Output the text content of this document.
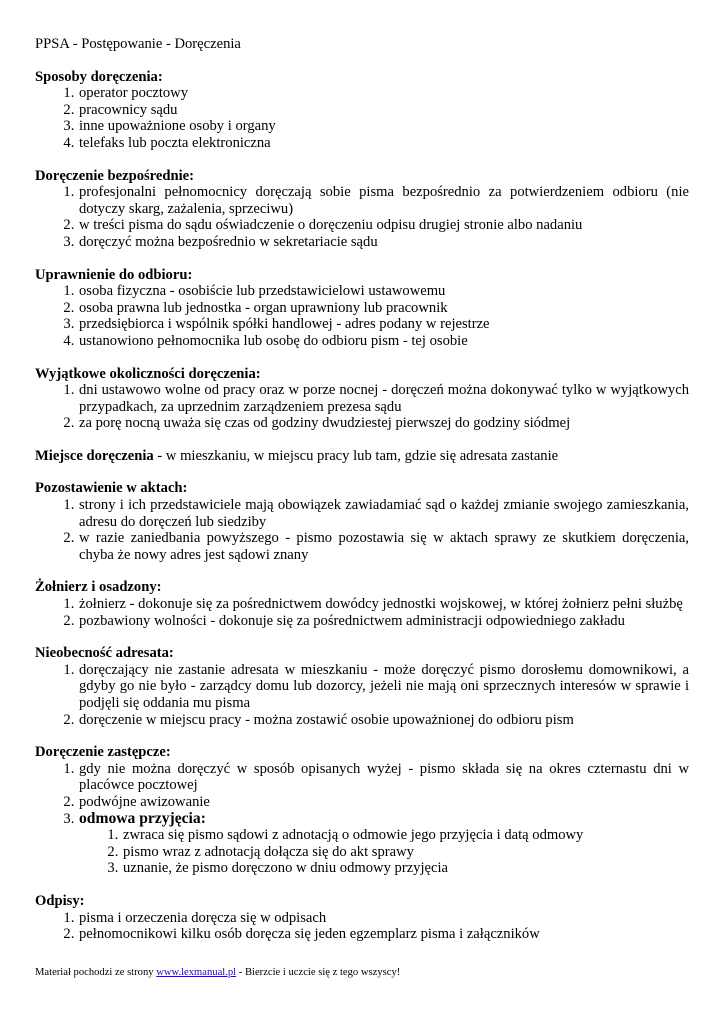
PPSA - Postępowanie - Doręczenia
Sposoby doręczenia:
1. operator pocztowy
2. pracownicy sądu
3. inne upoważnione osoby i organy
4. telefaks lub poczta elektroniczna
Doręczenie bezpośrednie:
1. profesjonalni pełnomocnicy doręczają sobie pisma bezpośrednio za potwierdzeniem odbioru (nie dotyczy skarg, zażalenia, sprzeciwu)
2. w treści pisma do sądu oświadczenie o doręczeniu odpisu drugiej stronie albo nadaniu
3. doręczyć można bezpośrednio w sekretariacie sądu
Uprawnienie do odbioru:
1. osoba fizyczna - osobiście lub przedstawicielowi ustawowemu
2. osoba prawna lub jednostka - organ uprawniony lub pracownik
3. przedsiębiorca i wspólnik spółki handlowej - adres podany w rejestrze
4. ustanowiono pełnomocnika lub osobę do odbioru pism - tej osobie
Wyjątkowe okoliczności doręczenia:
1. dni ustawowo wolne od pracy oraz w porze nocnej - doręczeń można dokonywać tylko w wyjątkowych przypadkach, za uprzednim zarządzeniem prezesa sądu
2. za porę nocną uważa się czas od godziny dwudziestej pierwszej do godziny siódmej
Miejsce doręczenia - w mieszkaniu, w miejscu pracy lub tam, gdzie się adresata zastanie
Pozostawienie w aktach:
1. strony i ich przedstawiciele mają obowiązek zawiadamiać sąd o każdej zmianie swojego zamieszkania, adresu do doręczeń lub siedziby
2. w razie zaniedbania powyższego - pismo pozostawia się w aktach sprawy ze skutkiem doręczenia, chyba że nowy adres jest sądowi znany
Żołnierz i osadzony:
1. żołnierz - dokonuje się za pośrednictwem dowódcy jednostki wojskowej, w której żołnierz pełni służbę
2. pozbawiony wolności - dokonuje się za pośrednictwem administracji odpowiedniego zakładu
Nieobecność adresata:
1. doręczający nie zastanie adresata w mieszkaniu - może doręczyć pismo dorosłemu domownikowi, a gdyby go nie było - zarządcy domu lub dozorcy, jeżeli nie mają oni sprzecznych interesów w sprawie i podjęli się oddania mu pisma
2. doręczenie w miejscu pracy - można zostawić osobie upoważnionej do odbioru pism
Doręczenie zastępcze:
1. gdy nie można doręczyć w sposób opisanych wyżej - pismo składa się na okres czternastu dni w placówce pocztowej
2. podwójne awizowanie
3. odmowa przyjęcia:
1. zwraca się pismo sądowi z adnotacją o odmowie jego przyjęcia i datą odmowy
2. pismo wraz z adnotacją dołącza się do akt sprawy
3. uznanie, że pismo doręczono w dniu odmowy przyjęcia
Odpisy:
1. pisma i orzeczenia doręcza się w odpisach
2. pełnomocnikowi kilku osób doręcza się jeden egzemplarz pisma i załączników
Materiał pochodzi ze strony www.lexmanual.pl - Bierzcie i uczcie się z tego wszyscy!
